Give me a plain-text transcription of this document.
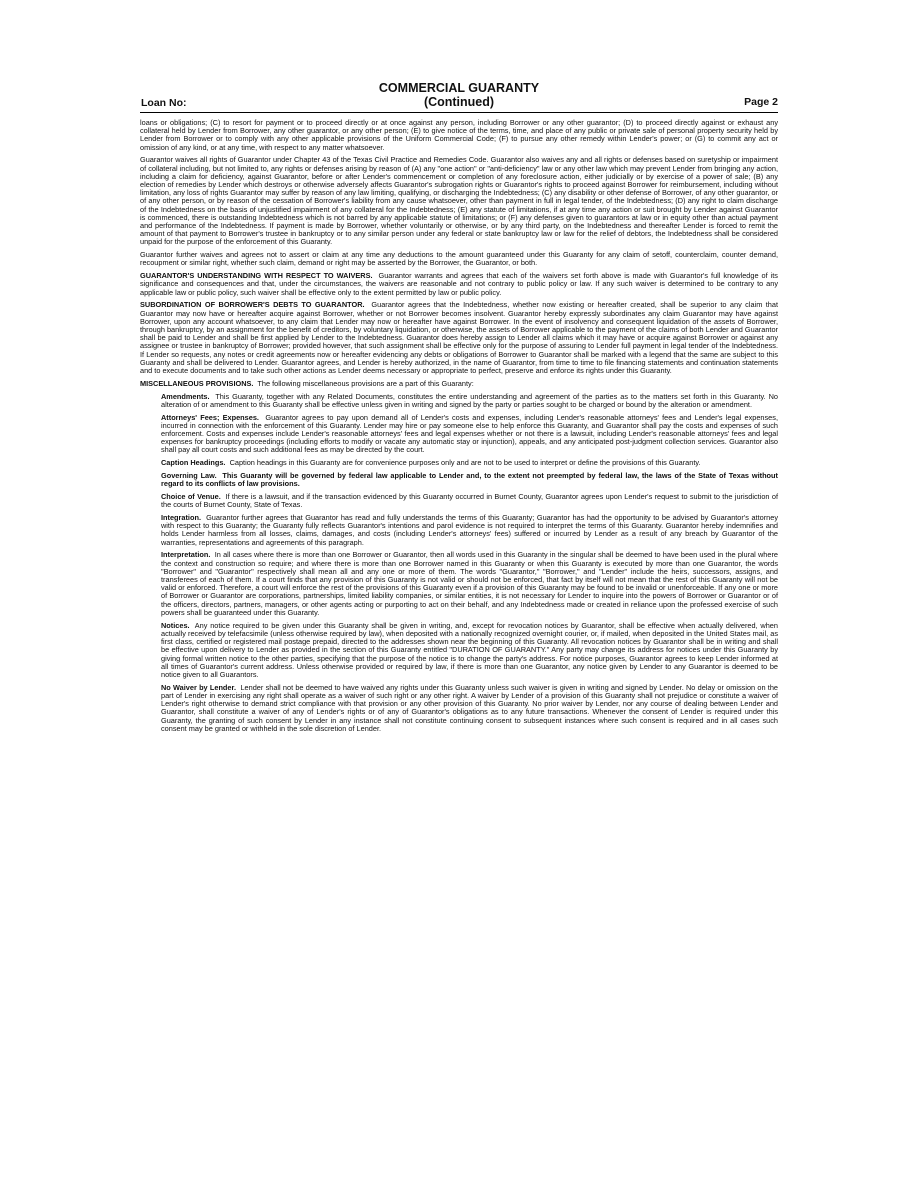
Loan No:
COMMERCIAL GUARANTY
(Continued)	Page 2

loans or obligations; (C) to resort for payment or to proceed directly or at once against any person, including Borrower or any other guarantor; (D) to proceed directly against or exhaust any collateral held by Lender from Borrower, any other guarantor, or any other person; (E) to give notice of the terms, time, and place of any public or private sale of personal property security held by Lender from Borrower or to comply with any other applicable provisions of the Uniform Commercial Code; (F) to pursue any other remedy within Lender's power; or (G) to commit any act or omission of any kind, or at any time, with respect to any matter whatsoever.

Guarantor waives all rights of Guarantor under Chapter 43 of the Texas Civil Practice and Remedies Code. Guarantor also waives any and all rights or defenses based on suretyship or impairment of collateral including, but not limited to, any rights or defenses arising by reason of (A) any "one action" or "anti-deficiency" law or any other law which may prevent Lender from bringing any action, including a claim for deficiency, against Guarantor, before or after Lender's commencement or completion of any foreclosure action, either judicially or by exercise of a power of sale; (B) any election of remedies by Lender which destroys or otherwise adversely affects Guarantor's subrogation rights or Guarantor's rights to proceed against Borrower for reimbursement, including without limitation, any loss of rights Guarantor may suffer by reason of any law limiting, qualifying, or discharging the Indebtedness; (C) any disability or other defense of Borrower, of any other guarantor, or of any other person, or by reason of the cessation of Borrower's liability from any cause whatsoever, other than payment in full in legal tender, of the Indebtedness; (D) any right to claim discharge of the Indebtedness on the basis of unjustified impairment of any collateral for the Indebtedness; (E) any statute of limitations, if at any time any action or suit brought by Lender against Guarantor is commenced, there is outstanding Indebtedness which is not barred by any applicable statute of limitations; or (F) any defenses given to guarantors at law or in equity other than actual payment and performance of the Indebtedness. If payment is made by Borrower, whether voluntarily or otherwise, or by any third party, on the Indebtedness and thereafter Lender is forced to remit the amount of that payment to Borrower's trustee in bankruptcy or to any similar person under any federal or state bankruptcy law or law for the relief of debtors, the Indebtedness shall be considered unpaid for the purpose of the enforcement of this Guaranty.

Guarantor further waives and agrees not to assert or claim at any time any deductions to the amount guaranteed under this Guaranty for any claim of setoff, counterclaim, counter demand, recoupment or similar right, whether such claim, demand or right may be asserted by the Borrower, the Guarantor, or both.

GUARANTOR'S UNDERSTANDING WITH RESPECT TO WAIVERS. Guarantor warrants and agrees that each of the waivers set forth above is made with Guarantor's full knowledge of its significance and consequences and that, under the circumstances, the waivers are reasonable and not contrary to public policy or law. If any such waiver is determined to be contrary to any applicable law or public policy, such waiver shall be effective only to the extent permitted by law or public policy.

SUBORDINATION OF BORROWER'S DEBTS TO GUARANTOR. Guarantor agrees that the Indebtedness, whether now existing or hereafter created, shall be superior to any claim that Guarantor may now have or hereafter acquire against Borrower, whether or not Borrower becomes insolvent. Guarantor hereby expressly subordinates any claim Guarantor may have against Borrower, upon any account whatsoever, to any claim that Lender may now or hereafter have against Borrower. In the event of insolvency and consequent liquidation of the assets of Borrower, through bankruptcy, by an assignment for the benefit of creditors, by voluntary liquidation, or otherwise, the assets of Borrower applicable to the payment of the claims of both Lender and Guarantor shall be paid to Lender and shall be first applied by Lender to the Indebtedness. Guarantor does hereby assign to Lender all claims which it may have or acquire against Borrower or against any assignee or trustee in bankruptcy of Borrower; provided however, that such assignment shall be effective only for the purpose of assuring to Lender full payment in legal tender of the Indebtedness. If Lender so requests, any notes or credit agreements now or hereafter evidencing any debts or obligations of Borrower to Guarantor shall be marked with a legend that the same are subject to this Guaranty and shall be delivered to Lender. Guarantor agrees, and Lender is hereby authorized, in the name of Guarantor, from time to time to file financing statements and continuation statements and to execute documents and to take such other actions as Lender deems necessary or appropriate to perfect, preserve and enforce its rights under this Guaranty.

MISCELLANEOUS PROVISIONS. The following miscellaneous provisions are a part of this Guaranty:

Amendments. This Guaranty, together with any Related Documents, constitutes the entire understanding and agreement of the parties as to the matters set forth in this Guaranty. No alteration of or amendment to this Guaranty shall be effective unless given in writing and signed by the party or parties sought to be charged or bound by the alteration or amendment.

Attorneys' Fees; Expenses. Guarantor agrees to pay upon demand all of Lender's costs and expenses, including Lender's reasonable attorneys' fees and Lender's legal expenses, incurred in connection with the enforcement of this Guaranty. Lender may hire or pay someone else to help enforce this Guaranty, and Guarantor shall pay the costs and expenses of such enforcement. Costs and expenses include Lender's reasonable attorneys' fees and legal expenses whether or not there is a lawsuit, including Lender's reasonable attorneys' fees and legal expenses for bankruptcy proceedings (including efforts to modify or vacate any automatic stay or injunction), appeals, and any anticipated post-judgment collection services. Guarantor also shall pay all court costs and such additional fees as may be directed by the court.

Caption Headings. Caption headings in this Guaranty are for convenience purposes only and are not to be used to interpret or define the provisions of this Guaranty.

Governing Law. This Guaranty will be governed by federal law applicable to Lender and, to the extent not preempted by federal law, the laws of the State of Texas without regard to its conflicts of law provisions.

Choice of Venue. If there is a lawsuit, and if the transaction evidenced by this Guaranty occurred in Burnet County, Guarantor agrees upon Lender's request to submit to the jurisdiction of the courts of Burnet County, State of Texas.

Integration. Guarantor further agrees that Guarantor has read and fully understands the terms of this Guaranty; Guarantor has had the opportunity to be advised by Guarantor's attorney with respect to this Guaranty; the Guaranty fully reflects Guarantor's intentions and parol evidence is not required to interpret the terms of this Guaranty. Guarantor hereby indemnifies and holds Lender harmless from all losses, claims, damages, and costs (including Lender's attorneys' fees) suffered or incurred by Lender as a result of any breach by Guarantor of the warranties, representations and agreements of this paragraph.

Interpretation. In all cases where there is more than one Borrower or Guarantor, then all words used in this Guaranty in the singular shall be deemed to have been used in the plural where the context and construction so require; and where there is more than one Borrower named in this Guaranty or when this Guaranty is executed by more than one Guarantor, the words "Borrower" and "Guarantor" respectively shall mean all and any one or more of them. The words "Guarantor," "Borrower," and "Lender" include the heirs, successors, assigns, and transferees of each of them. If a court finds that any provision of this Guaranty is not valid or should not be enforced, that fact by itself will not mean that the rest of this Guaranty will not be valid or enforced. Therefore, a court will enforce the rest of the provisions of this Guaranty even if a provision of this Guaranty may be found to be invalid or unenforceable. If any one or more of Borrower or Guarantor are corporations, partnerships, limited liability companies, or similar entities, it is not necessary for Lender to inquire into the powers of Borrower or Guarantor or of the officers, directors, partners, managers, or other agents acting or purporting to act on their behalf, and any Indebtedness made or created in reliance upon the professed exercise of such powers shall be guaranteed under this Guaranty.

Notices. Any notice required to be given under this Guaranty shall be given in writing, and, except for revocation notices by Guarantor, shall be effective when actually delivered, when actually received by telefacsimile (unless otherwise required by law), when deposited with a nationally recognized overnight courier, or, if mailed, when deposited in the United States mail, as first class, certified or registered mail postage prepaid, directed to the addresses shown near the beginning of this Guaranty. All revocation notices by Guarantor shall be in writing and shall be effective upon delivery to Lender as provided in the section of this Guaranty entitled "DURATION OF GUARANTY." Any party may change its address for notices under this Guaranty by giving formal written notice to the other parties, specifying that the purpose of the notice is to change the party's address. For notice purposes, Guarantor agrees to keep Lender informed at all times of Guarantor's current address. Unless otherwise provided or required by law, if there is more than one Guarantor, any notice given by Lender to any Guarantor is deemed to be notice given to all Guarantors.

No Waiver by Lender. Lender shall not be deemed to have waived any rights under this Guaranty unless such waiver is given in writing and signed by Lender. No delay or omission on the part of Lender in exercising any right shall operate as a waiver of such right or any other right. A waiver by Lender of a provision of this Guaranty shall not prejudice or constitute a waiver of Lender's right otherwise to demand strict compliance with that provision or any other provision of this Guaranty. No prior waiver by Lender, nor any course of dealing between Lender and Guarantor, shall constitute a waiver of any of Lender's rights or of any of Guarantor's obligations as to any future transactions. Whenever the consent of Lender is required under this Guaranty, the granting of such consent by Lender in any instance shall not constitute continuing consent to subsequent instances where such consent is required and in all cases such consent may be granted or withheld in the sole discretion of Lender.
